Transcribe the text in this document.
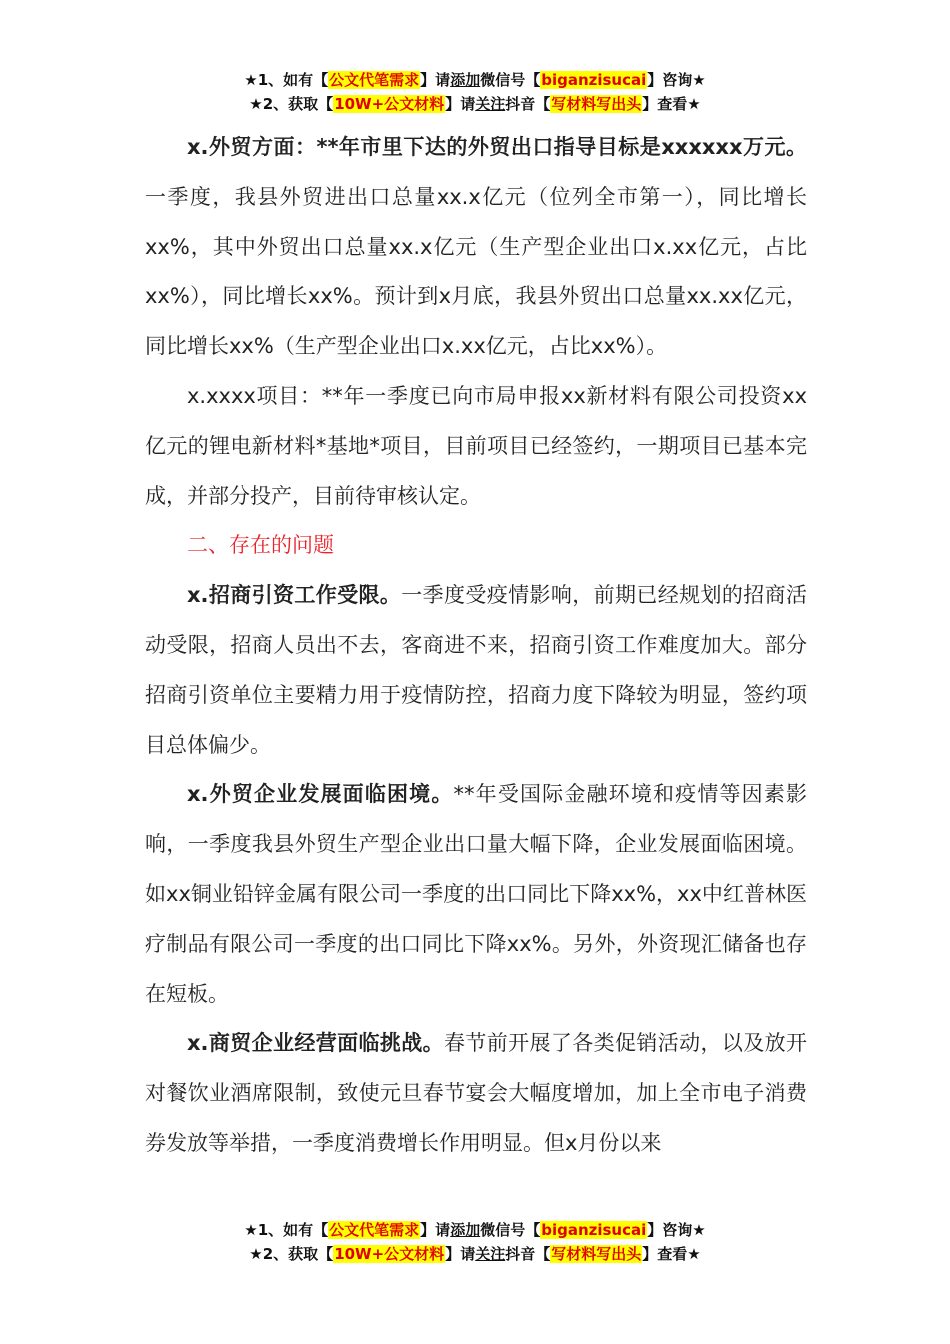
★1、如有【公文代笔需求】请添加微信号【biganzisucai】咨询★
★2、获取【10W+公文材料】请关注抖音【写材料写出头】查看★

x.外贸方面：**年市里下达的外贸出口指导目标是xxxxxx万元。一季度，我县外贸进出口总量xx.x亿元（位列全市第一），同比增长xx%，其中外贸出口总量xx.x亿元（生产型企业出口x.xx亿元，占比xx%），同比增长xx%。预计到x月底，我县外贸出口总量xx.xx亿元，同比增长xx%（生产型企业出口x.xx亿元，占比xx%）。

x.xxxx项目：**年一季度已向市局申报xx新材料有限公司投资xx亿元的锂电新材料*基地*项目，目前项目已经签约，一期项目已基本完成，并部分投产，目前待审核认定。

二、存在的问题

x.招商引资工作受限。一季度受疫情影响，前期已经规划的招商活动受限，招商人员出不去，客商进不来，招商引资工作难度加大。部分招商引资单位主要精力用于疫情防控，招商力度下降较为明显，签约项目总体偏少。

x.外贸企业发展面临困境。**年受国际金融环境和疫情等因素影响，一季度我县外贸生产型企业出口量大幅下降，企业发展面临困境。如xx铜业铅锌金属有限公司一季度的出口同比下降xx%，xx中红普林医疗制品有限公司一季度的出口同比下降xx%。另外，外资现汇储备也存在短板。

x.商贸企业经营面临挑战。春节前开展了各类促销活动，以及放开对餐饮业酒席限制，致使元旦春节宴会大幅度增加，加上全市电子消费券发放等举措，一季度消费增长作用明显。但x月份以来

★1、如有【公文代笔需求】请添加微信号【biganzisucai】咨询★
★2、获取【10W+公文材料】请关注抖音【写材料写出头】查看★
